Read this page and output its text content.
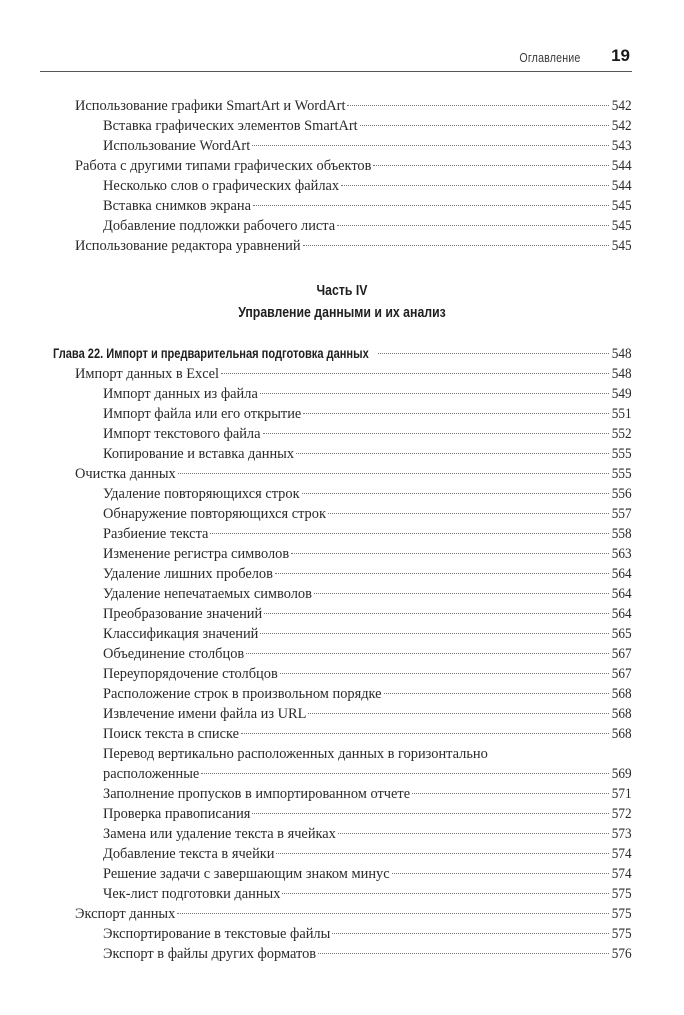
Оглавление 19
Использование графики SmartArt и WordArt	542
Вставка графических элементов SmartArt	542
Использование WordArt	543
Работа с другими типами графических объектов	544
Несколько слов о графических файлах	544
Вставка снимков экрана	545
Добавление подложки рабочего листа	545
Использование редактора уравнений	545
Часть IV
Управление данными и их анализ
Глава 22. Импорт и предварительная подготовка данных	548
Импорт данных в Excel	548
Импорт данных из файла	549
Импорт файла или его открытие	551
Импорт текстового файла	552
Копирование и вставка данных	555
Очистка данных	555
Удаление повторяющихся строк	556
Обнаружение повторяющихся строк	557
Разбиение текста	558
Изменение регистра символов	563
Удаление лишних пробелов	564
Удаление непечатаемых символов	564
Преобразование значений	564
Классификация значений	565
Объединение столбцов	567
Переупорядочение столбцов	567
Расположение строк в произвольном порядке	568
Извлечение имени файла из URL	568
Поиск текста в списке	568
Перевод вертикально расположенных данных в горизонтально
расположенные	569
Заполнение пропусков в импортированном отчете	571
Проверка правописания	572
Замена или удаление текста в ячейках	573
Добавление текста в ячейки	574
Решение задачи с завершающим знаком минус	574
Чек-лист подготовки данных	575
Экспорт данных	575
Экспортирование в текстовые файлы	575
Экспорт в файлы других форматов	576
